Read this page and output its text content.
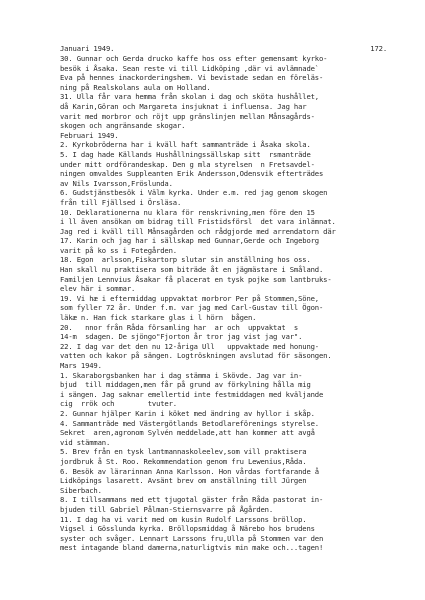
Januari 1949.	172.
30. Gunnar och Gerda drucko kaffe hos oss efter gemensamt kyrko-
besök i Åsaka. Sean reste vi till Lidköping ,där vi avlämnade`
Eva på hennes inackorderingshem. Vi bevistade sedan en föreläs-
ning på Realskolans aula om Holland.
31. Ulla får vara hemma från skolan i dag och sköta hushållet,
då Karin,Göran och Margareta insjuknat i influensa. Jag har
varit med morbror och röjt upp gränslinjen mellan Månsagårds-
skogen och angränsande skogar.
Februari 1949.
2. Kyrkobröderna har i kväll haft sammanträde i Åsaka skola.
5. I dag hade Källands Hushållningssällskap sitt  rsmanträde
under mitt ordförandeskap. Den g mla styrelsen  n Fretsavdel-
ningen omvaldes Suppleanten Erik Andersson,Odensvik efterträdes
av Nils Ivarsson,Fröslunda.
6. Gudstjänstbesök i Välm kyrka. Under e.m. red jag genom skogen
från till Fjällsed i Örsläsa.
10. Deklarationerna nu klara för renskrivning,men före den 15
i ll även ansökan om bidrag till Fristidsförsl  det vara inlämnat.
Jag red i kväll till Månsagården och rådgjorde med arrendatorn där
17. Karin och jag har i sällskap med Gunnar,Gerde och Ingeborg
varit på ko ss i Fotegården.
18. Egon  arlsson,Fiskartorp slutar sin anställning hos oss.
Han skall nu praktisera som biträde åt en jägmästare i Småland.
Familjen Lennvius Åsakar få placerat en tysk pojke som lantbruks-
elev här i sommar.
19. Vi hæ i eftermiddag uppvaktat morbror Per på Stommen,Söne,
som fyller 72 år. Under f.m. var jag med Carl-Gustav till Ögon-
läkæ n. Han fick starkare glas i l hörn  bågen.
20.   nnor från Råda församling har  ar och  uppvaktat  s
14-m  sdagen. De sjöngo"Fjorton år tror jag vist jag var".
22. I dag var det den nu 12-åriga Ull   uppvaktade med honung-
vatten och kakor på sängen. Logtröskningen avslutad för säsongen.
Mars 1949.
1. Skaraborgsbanken har i dag stämma i Skövde. Jag var in-
bjud  till middagen,men får på grund av förkylning hålla mig
i sängen. Jag saknar emellertid inte festmiddagen med kväljande
cig  rrök och        tvuter.
2. Gunnar hjälper Karin i köket med ändring av hyllor i skåp.
4. Sammanträde med Västergötlands Betodlareförenings styrelse.
Sekret  aren,agronom Sylvén meddelade,att han kommer att avgå
vid stämman.
5. Brev från en tysk lantmannaskoleelev,som vill praktisera
jordbruk å St. Roo. Rekommendation genom fru Lewenius,Råda.
6. Besök av lärarinnan Anna Karlsson. Hon vårdas fortfarande å
Lidköpings lasarett. Avsänt brev om anställning till Jürgen
Siberbach.
8. I tillsammans med ett tjugotal gäster från Råda pastorat in-
bjuden till Gabriel Pålman-Stiernsvarre på Ågården.
11. I dag ha vi varit med om kusin Rudolf Larssons bröllop.
Vigsel i Gösslunda kyrka. Bröllopsmiddag å Närebo hos brudens
syster och svåger. Lennart Larssons fru,Ulla på Stommen var den
mest intagande bland damerna,naturligtvis min make och...tagen!
